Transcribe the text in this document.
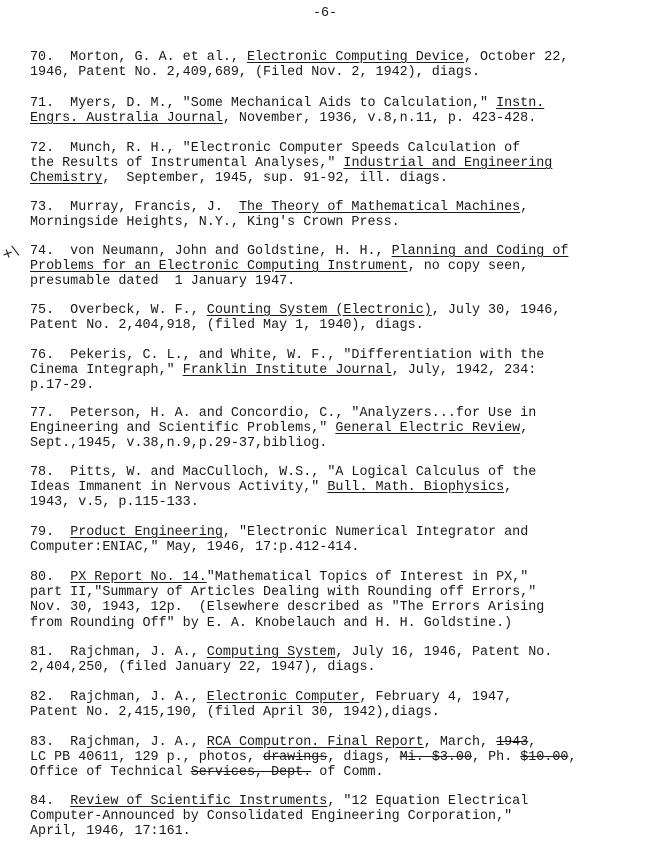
-6-
+\
70.  Morton, G. A. et al., Electronic Computing Device, October 22,
1946, Patent No. 2,409,689, (Filed Nov. 2, 1942), diags.
71.  Myers, D. M., "Some Mechanical Aids to Calculation," Instn.
Engrs. Australia Journal, November, 1936, v.8,n.11, p. 423-428.
72.  Munch, R. H., "Electronic Computer Speeds Calculation of
the Results of Instrumental Analyses," Industrial and Engineering
Chemistry,  September, 1945, sup. 91-92, ill. diags.
73.  Murray, Francis, J.  The Theory of Mathematical Machines,
Morningside Heights, N.Y., King's Crown Press.
74.  von Neumann, John and Goldstine, H. H., Planning and Coding of
Problems for an Electronic Computing Instrument, no copy seen,
presumable dated  1 January 1947.
75.  Overbeck, W. F., Counting System (Electronic), July 30, 1946,
Patent No. 2,404,918, (filed May 1, 1940), diags.
76.  Pekeris, C. L., and White, W. F., "Differentiation with the
Cinema Integraph," Franklin Institute Journal, July, 1942, 234:
p.17-29.
77.  Peterson, H. A. and Concordio, C., "Analyzers...for Use in
Engineering and Scientific Problems," General Electric Review,
Sept.,1945, v.38,n.9,p.29-37,bibliog.
78.  Pitts, W. and MacCulloch, W.S., "A Logical Calculus of the
Ideas Immanent in Nervous Activity," Bull. Math. Biophysics,
1943, v.5, p.115-133.
79.  Product Engineering, "Electronic Numerical Integrator and
Computer:ENIAC," May, 1946, 17:p.412-414.
80.  PX Report No. 14."Mathematical Topics of Interest in PX,"
part II,"Summary of Articles Dealing with Rounding off Errors,"
Nov. 30, 1943, 12p.  (Elsewhere described as "The Errors Arising
from Rounding Off" by E. A. Knobelauch and H. H. Goldstine.)
81.  Rajchman, J. A., Computing System, July 16, 1946, Patent No.
2,404,250, (filed January 22, 1947), diags.
82.  Rajchman, J. A., Electronic Computer, February 4, 1947,
Patent No. 2,415,190, (filed April 30, 1942),diags.
83.  Rajchman, J. A., RCA Computron. Final Report, March, 1943,
LC PB 40611, 129 p., photos, drawings, diags, Mi. $3.00, Ph. $10.00,
Office of Technical Services, Dept. of Comm.
84.  Review of Scientific Instruments, "12 Equation Electrical
Computer-Announced by Consolidated Engineering Corporation,"
April, 1946, 17:161.
